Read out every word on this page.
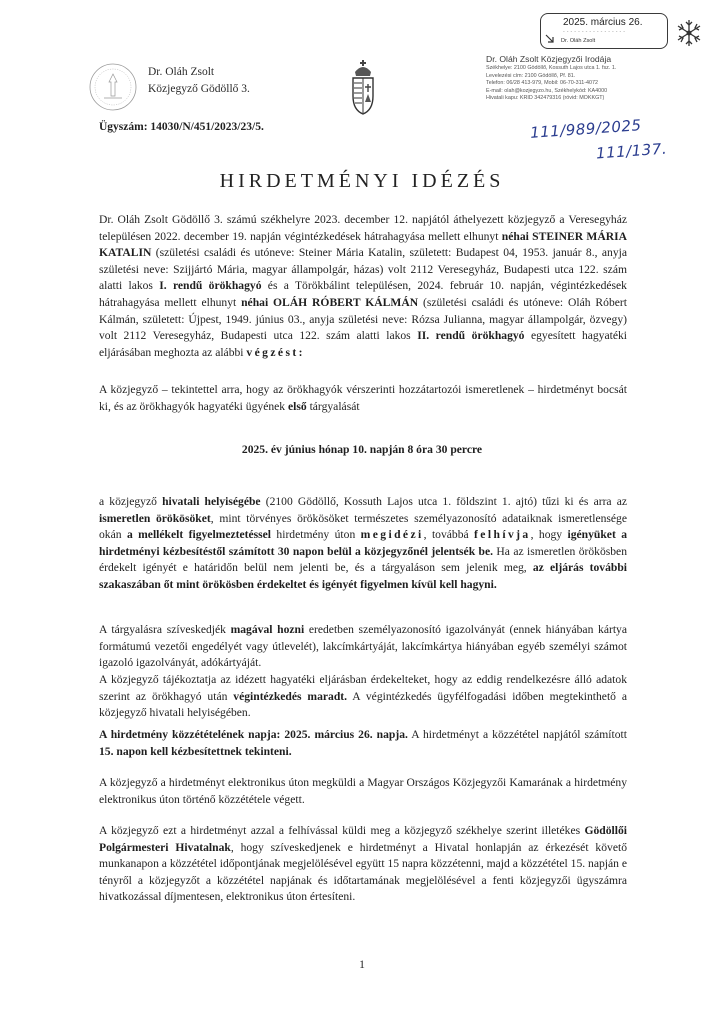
Dr. Oláh Zsolt
Közjegyző Gödöllő 3.
2025. március 26.
- - - - - - - - - - - - - - - - -
Dr. Oláh Zsolt
Dr. Oláh Zsolt Közjegyzői Irodája
Székhelye: 2100 Gödöllő, Kossuth Lajos utca 1. fsz. 1.
Levelezési cím: 2100 Gödöllő, Pf. 81.
Telefon: 06/28 413-979, Mobil: 06-70-311-4072
E-mail: olah@kozjegyzo.hu, Székhelykód: KA4000
Hivatali kapu: KRID 342479316 (rövid: MOKKGT)
Ügyszám: 14030/N/451/2023/23/5.	111/989/2025
111/137.
HIRDETMÉNYI IDÉZÉS
Dr. Oláh Zsolt Gödöllő 3. számú székhelyre 2023. december 12. napjától áthelyezett közjegyző a Veresegyház településen 2022. december 19. napján végintézkedések hátrahagyása mellett elhunyt néhai STEINER MÁRIA KATALIN (születési családi és utóneve: Steiner Mária Katalin, született: Budapest 04, 1953. január 8., anyja születési neve: Szijjártó Mária, magyar állampolgár, házas) volt 2112 Veresegyház, Budapesti utca 122. szám alatti lakos I. rendű örökhagyó és a Törökbálint településen, 2024. február 10. napján, végintézkedések hátrahagyása mellett elhunyt néhai OLÁH RÓBERT KÁLMÁN (születési családi és utóneve: Oláh Róbert Kálmán, született: Újpest, 1949. június 03., anyja születési neve: Rózsa Julianna, magyar állampolgár, özvegy) volt 2112 Veresegyház, Budapesti utca 122. szám alatti lakos II. rendű örökhagyó egyesített hagyatéki eljárásában meghozta az alábbi végzést:
A közjegyző – tekintettel arra, hogy az örökhagyók vérszerinti hozzátartozói ismeretlenek – hirdetményt bocsát ki, és az örökhagyók hagyatéki ügyének első tárgyalását
2025. év június hónap 10. napján 8 óra 30 percre
a közjegyző hivatali helyiségébe (2100 Gödöllő, Kossuth Lajos utca 1. földszint 1. ajtó) tűzi ki és arra az ismeretlen örökösöket, mint törvényes örökösöket természetes személyazonosító adataiknak ismeretlensége okán a mellékelt figyelmeztetéssel hirdetmény úton megidézi, továbbá felhívja, hogy igényüket a hirdetményi kézbesítéstől számított 30 napon belül a közjegyzőnél jelentsék be. Ha az ismeretlen örökösben érdekelt igényét e határidőn belül nem jelenti be, és a tárgyaláson sem jelenik meg, az eljárás további szakaszában őt mint örökösben érdekeltet és igényét figyelmen kívül kell hagyni.
A tárgyalásra szíveskedjék magával hozni eredetben személyazonosító igazolványát (ennek hiányában kártya formátumú vezetői engedélyét vagy útlevelét), lakcímkártyáját, lakcímkártya hiányában egyéb személyi számot igazoló igazolványát, adókártyáját.
A közjegyző tájékoztatja az idézett hagyatéki eljárásban érdekelteket, hogy az eddig rendelkezésre álló adatok szerint az örökhagyó után végintézkedés maradt. A végintézkedés ügyfélfogadási időben megtekinthető a közjegyző hivatali helyiségében.
A hirdetmény közzétételének napja: 2025. március 26. napja. A hirdetményt a közzététel napjától számított 15. napon kell kézbesítettnek tekinteni.
A közjegyző a hirdetményt elektronikus úton megküldi a Magyar Országos Közjegyzői Kamarának a hirdetmény elektronikus úton történő közzététele végett.
A közjegyző ezt a hirdetményt azzal a felhívással küldi meg a közjegyző székhelye szerint illetékes Gödöllői Polgármesteri Hivatalnak, hogy szíveskedjenek e hirdetményt a Hivatal honlapján az érkezését követő munkanapon a közzététel időpontjának megjelölésével együtt 15 napra közzétenni, majd a közzététel 15. napján e tényről a közjegyzőt a közzététel napjának és időtartamának megjelölésével a fenti közjegyzői ügyszámra hivatkozással díjmentesen, elektronikus úton értesíteni.
1
